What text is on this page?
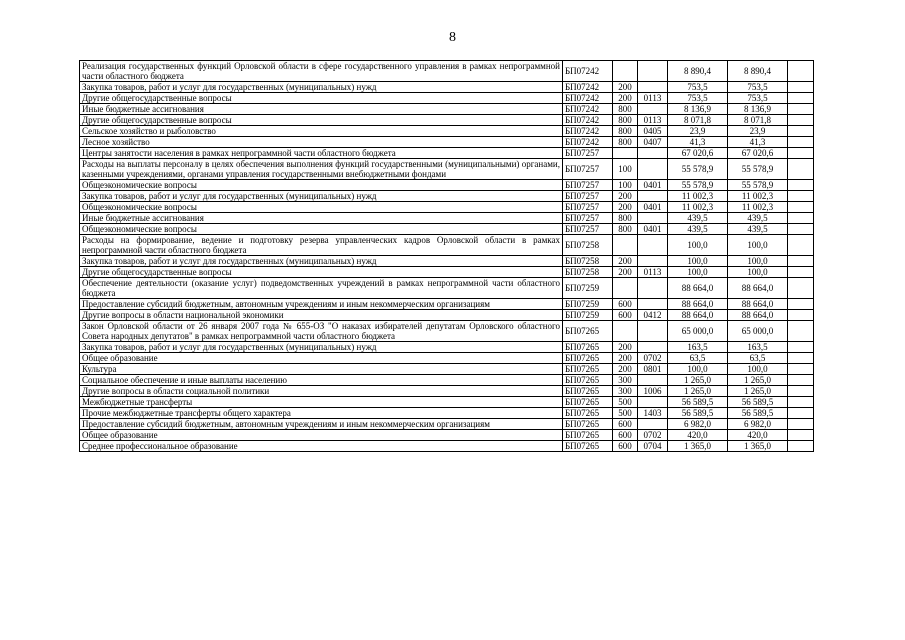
8
Реализация государственных функций Орловской области в сфере государственного управления в рамках непрограммной части областного бюджета	БП07242			8 890,4	8 890,4	
Закупка товаров, работ и услуг для государственных (муниципальных) нужд	БП07242	200		753,5	753,5	
Другие общегосударственные вопросы	БП07242	200	0113	753,5	753,5	
Иные бюджетные ассигнования	БП07242	800		8 136,9	8 136,9	
Другие общегосударственные вопросы	БП07242	800	0113	8 071,8	8 071,8	
Сельское хозяйство и рыболовство	БП07242	800	0405	23,9	23,9	
Лесное хозяйство	БП07242	800	0407	41,3	41,3	
Центры занятости населения в рамках непрограммной части областного бюджета	БП07257			67 020,6	67 020,6	
Расходы на выплаты персоналу в целях обеспечения выполнения функций государственными (муниципальными) органами, казенными учреждениями, органами управления государственными внебюджетными фондами	БП07257	100		55 578,9	55 578,9	
Общеэкономические вопросы	БП07257	100	0401	55 578,9	55 578,9	
Закупка товаров, работ и услуг для государственных (муниципальных) нужд	БП07257	200		11 002,3	11 002,3	
Общеэкономические вопросы	БП07257	200	0401	11 002,3	11 002,3	
Иные бюджетные ассигнования	БП07257	800		439,5	439,5	
Общеэкономические вопросы	БП07257	800	0401	439,5	439,5	
Расходы на формирование, ведение и подготовку резерва управленческих кадров Орловской области в рамках непрограммной части областного бюджета	БП07258			100,0	100,0	
Закупка товаров, работ и услуг для государственных (муниципальных) нужд	БП07258	200		100,0	100,0	
Другие общегосударственные вопросы	БП07258	200	0113	100,0	100,0	
Обеспечение деятельности (оказание услуг) подведомственных учреждений в рамках непрограммной части областного бюджета	БП07259			88 664,0	88 664,0	
Предоставление субсидий бюджетным, автономным учреждениям и иным некоммерческим организациям	БП07259	600		88 664,0	88 664,0	
Другие вопросы в области национальной экономики	БП07259	600	0412	88 664,0	88 664,0	
Закон Орловской области от 26 января 2007 года № 655-ОЗ "О наказах избирателей депутатам Орловского областного Совета народных депутатов" в рамках непрограммной части областного бюджета	БП07265			65 000,0	65 000,0	
Закупка товаров, работ и услуг для государственных (муниципальных) нужд	БП07265	200		163,5	163,5	
Общее образование	БП07265	200	0702	63,5	63,5	
Культура	БП07265	200	0801	100,0	100,0	
Социальное обеспечение и иные выплаты населению	БП07265	300		1 265,0	1 265,0	
Другие вопросы в области социальной политики	БП07265	300	1006	1 265,0	1 265,0	
Межбюджетные трансферты	БП07265	500		56 589,5	56 589,5	
Прочие межбюджетные трансферты общего характера	БП07265	500	1403	56 589,5	56 589,5	
Предоставление субсидий бюджетным, автономным учреждениям и иным некоммерческим организациям	БП07265	600		6 982,0	6 982,0	
Общее образование	БП07265	600	0702	420,0	420,0	
Среднее профессиональное образование	БП07265	600	0704	1 365,0	1 365,0	
